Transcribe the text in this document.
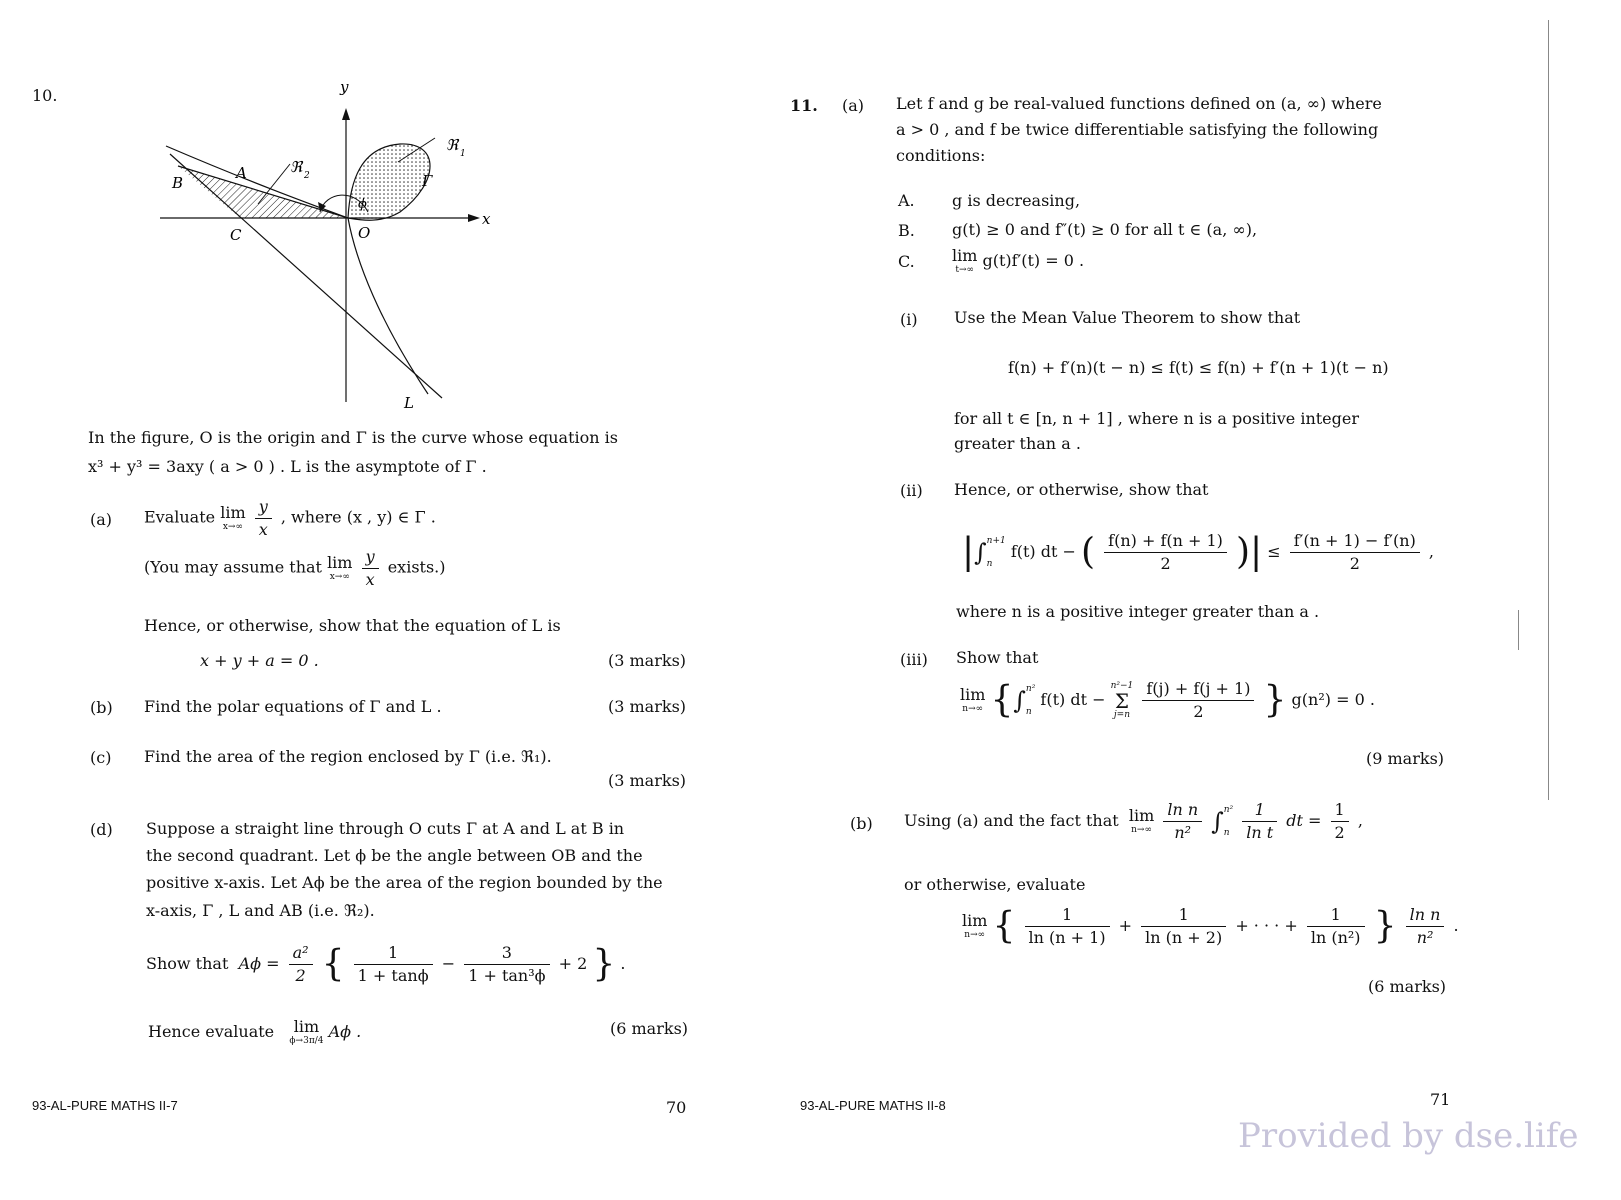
10.	y
x
O
A
B
C
L
Γ
ϕ
ℜ 1
ℜ 2
In the figure, O is the origin and Γ is the curve whose equation is
x³ + y³ = 3axy ( a > 0 ) . L is the asymptote of Γ .
(a) Evaluate lim
x→∞
$\frac{y}{x}$ , where (x , y) ∈ Γ .
(You may assume that lim
x→∞
$\frac{y}{x}$ exists.)
Hence, or otherwise, show that the equation of L is
x + y + a = 0 .	(3 marks)
(b) Find the polar equations of Γ and L .	(3 marks)
(c) Find the area of the region enclosed by Γ (i.e. ℜ₁).
(3 marks)
(d) Suppose a straight line through O cuts Γ at A and L at B in
the second quadrant. Let ϕ be the angle between OB and the
positive x-axis. Let Aϕ be the area of the region bounded by the
x-axis, Γ , L and AB (i.e. ℜ₂).
Show that $A\phi = \frac{\text{a²}}{2}$ { $\frac{1}{1 + \tan\phi} - \frac{3}{\text{1 + tan³ϕ}} + 2$ } .
Hence evaluate lim
ϕ→3π/4 Aϕ .	(6 marks)
93-AL-PURE MATHS II-7	70
11. (a) Let f and g be real-valued functions defined on (a, ∞) where
a > 0 , and f be twice differentiable satisfying the following
conditions:
A. g is decreasing,
B. g(t) ≥ 0 and f″(t) ≥ 0 for all t ∈ (a, ∞),
C. lim
t→∞ g(t)f′(t) = 0 .
(i) Use the Mean Value Theorem to show that
f(n) + f′(n)(t − n) ≤ f(t) ≤ f(n) + f′(n + 1)(t − n)
for all t ∈ [n, n + 1] , where n is a positive integer
greater than a .
(ii) Hence, or otherwise, show that
|∫ n+1
n
f(t) dt − ( $\frac{f(n) + f(n + 1)}{2}$ )| ≤ $\frac{f'(n + 1) - f'(n)}{2}$ ,
where n is a positive integer greater than a .
(iii) Show that
lim
n→∞ {∫ n²
n
f(t) dt −
n²−1
Σ
j=n
$\frac{f(j) + f(j + 1)}{2}$ } g(n²) = 0 .
(9 marks)
(b) Using (a) and the fact that lim
n→∞
$\frac{\text{ln n}}{\text{n²}}$ ∫ n²
n
$\frac{1}{\text{ln t}}$ dt = $\frac{1}{2}$ ,
or otherwise, evaluate
lim
n→∞ { $\frac{1}{\ln (n + 1)} + \frac{1}{\ln (n + 2)}$ + · · · + $\frac{1}{\text{ln (n²)}}$ } $\frac{\text{ln n}}{\text{n²}}$ .
(6 marks)
93-AL-PURE MATHS II-8	71
Provided by dse.life
